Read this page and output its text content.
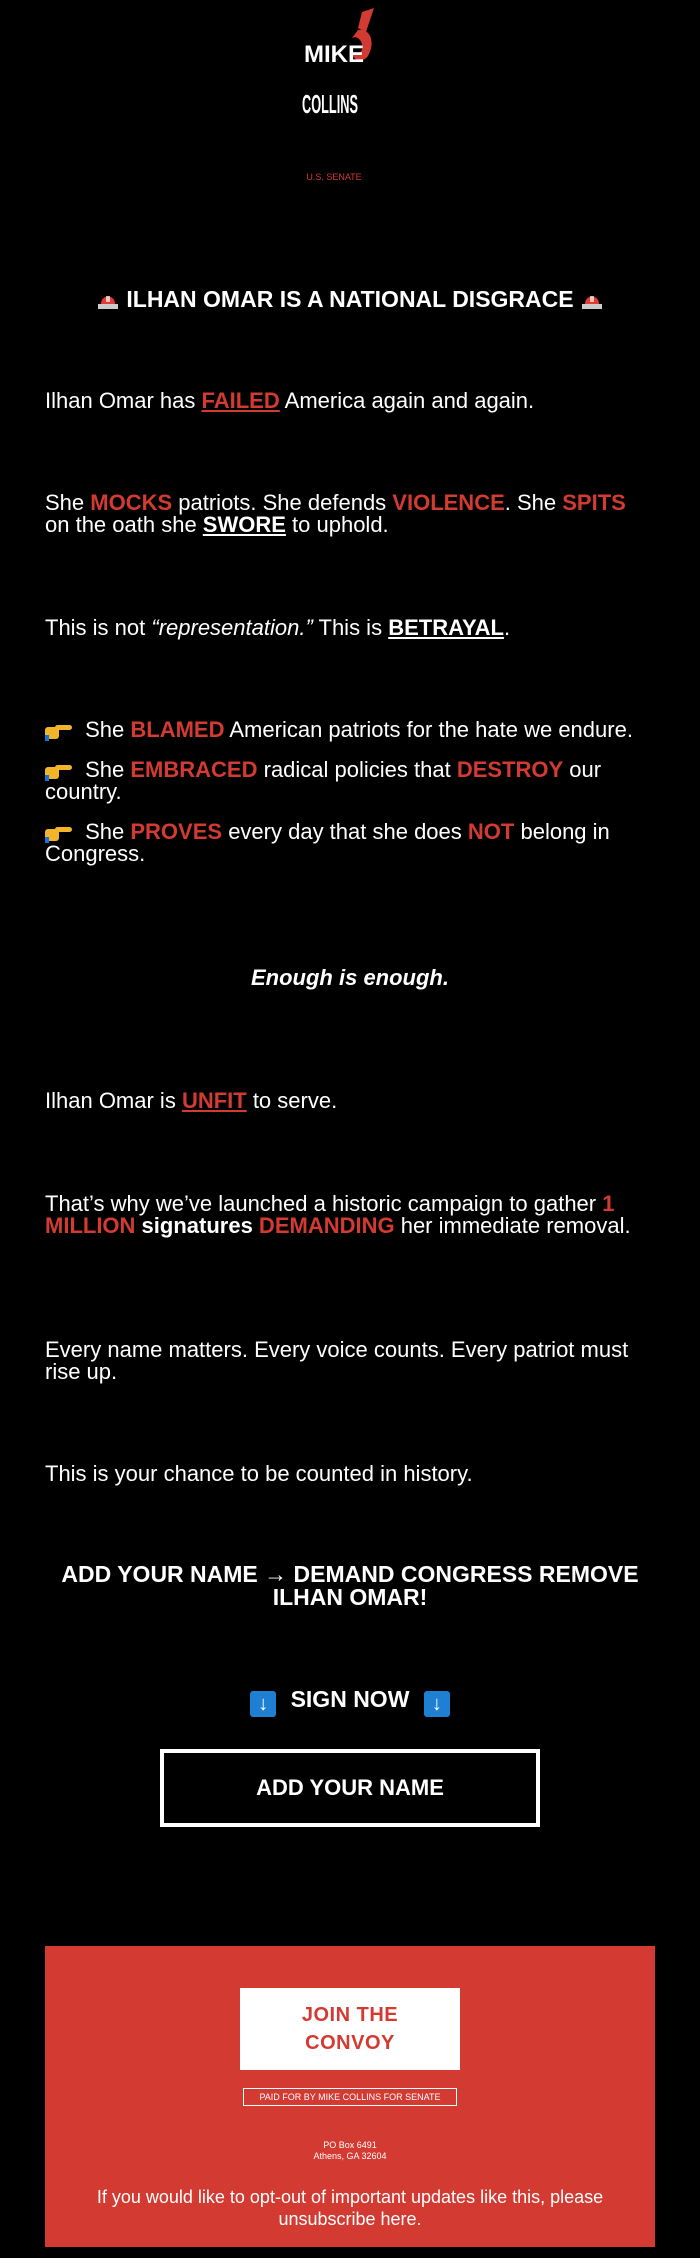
MIKE
COLLINS
U.S. SENATE
ILHAN OMAR IS A NATIONAL DISGRACE

Ilhan Omar has FAILED America again and again.

She MOCKS patriots. She defends VIOLENCE. She SPITS on the oath she SWORE to uphold.

This is not “representation.” This is BETRAYAL.

She BLAMED American patriots for the hate we endure.

She EMBRACED radical policies that DESTROY our country.

She PROVES every day that she does NOT belong in Congress.

Enough is enough.

Ilhan Omar is UNFIT to serve.

That’s why we’ve launched a historic campaign to gather 1 MILLION signatures DEMANDING her immediate removal.

Every name matters. Every voice counts. Every patriot must rise up.

This is your chance to be counted in history.

ADD YOUR NAME → DEMAND CONGRESS REMOVE ILHAN OMAR!
↓ SIGN NOW ↓
ADD YOUR NAME
JOIN THE
CONVOY
PAID FOR BY MIKE COLLINS FOR SENATE
PO Box 6491
Athens, GA 32604
If you would like to opt-out of important updates like this, please
unsubscribe here.
